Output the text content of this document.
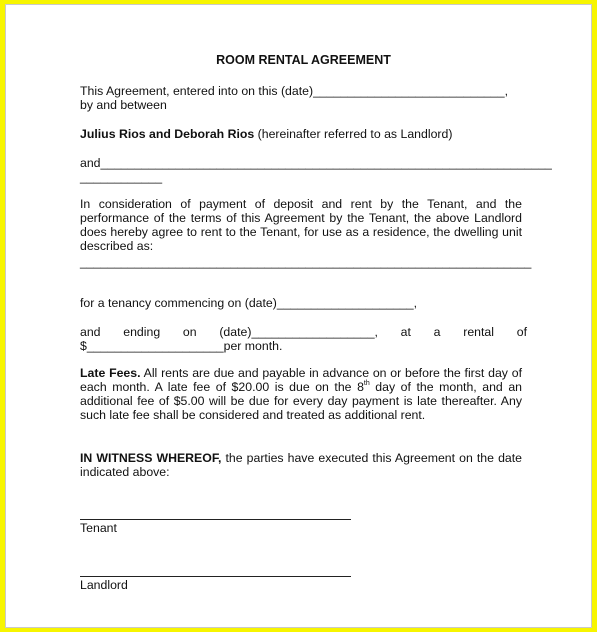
ROOM RENTAL AGREEMENT
This Agreement, entered into on this (date)____________________________,
by and between
Julius Rios and Deborah Rios (hereinafter referred to as Landlord)
and__________________________________________________________________
____________
In consideration of payment of deposit and rent by the Tenant, and the performance of the terms of this Agreement by the Tenant, the above Landlord does hereby agree to rent to the Tenant, for use as a residence, the dwelling unit described as:
__________________________________________________________________
for a tenancy commencing on (date)____________________,
and ending on (date)__________________, at a rental of
$____________________per month.
Late Fees. All rents are due and payable in advance on or before the first day of each month. A late fee of $20.00 is due on the 8th day of the month, and an additional fee of $5.00 will be due for every day payment is late thereafter. Any such late fee shall be considered and treated as additional rent.
IN WITNESS WHEREOF, the parties have executed this Agreement on the date indicated above:
Tenant
Landlord
